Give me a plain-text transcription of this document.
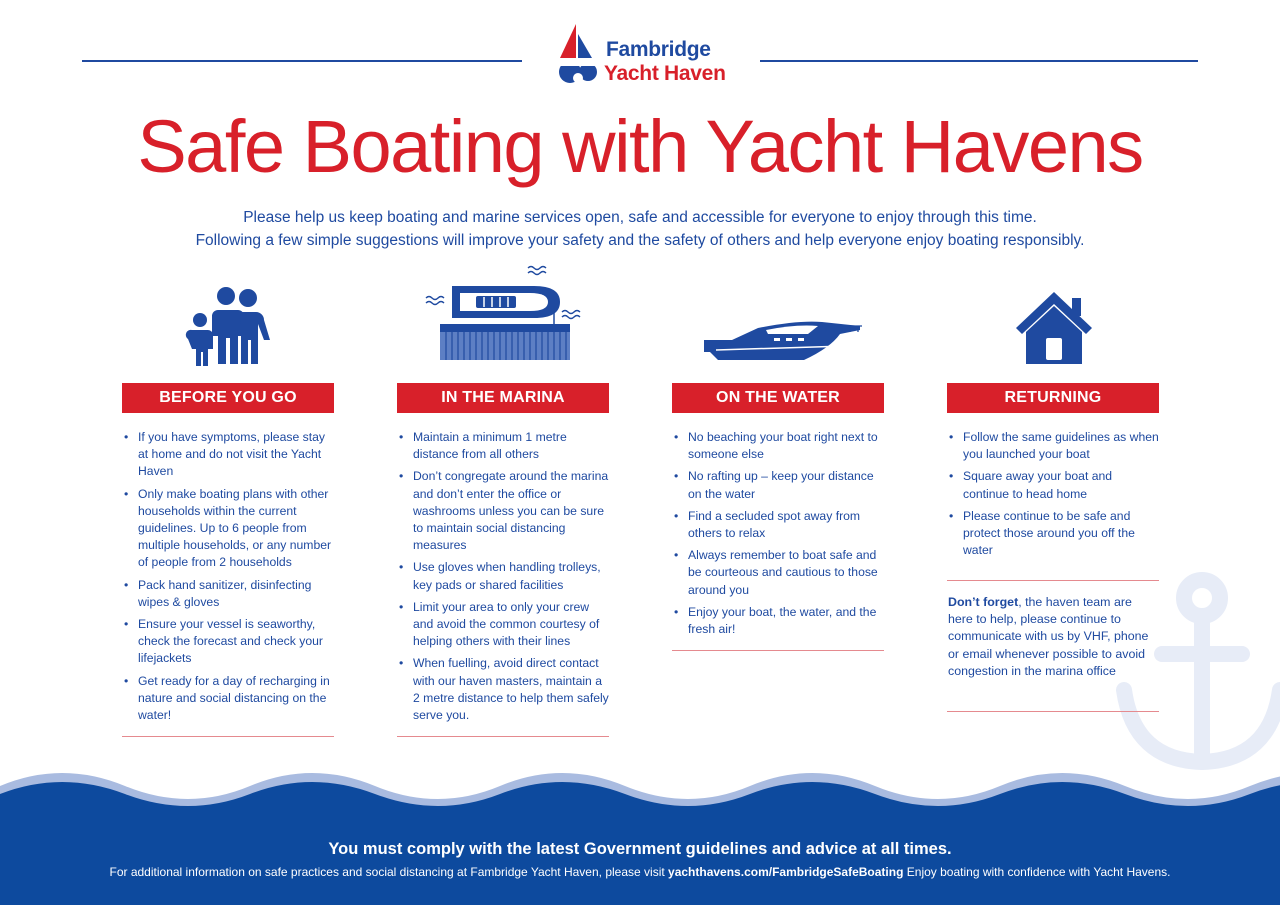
Fambridge
Yacht Haven
Safe Boating with Yacht Havens

Please help us keep boating and marine services open, safe and accessible for everyone to enjoy through this time.

Following a few simple suggestions will improve your safety and the safety of others and help everyone enjoy boating responsibly.

BEFORE YOU GO
• If you have symptoms, please stay at home and do not visit the Yacht Haven
• Only make boating plans with other households within the current guidelines. Up to 6 people from multiple households, or any number of people from 2 households
• Pack hand sanitizer, disinfecting wipes & gloves
• Ensure your vessel is seaworthy, check the forecast and check your lifejackets
• Get ready for a day of recharging in nature and social distancing on the water!
IN THE MARINA
• Maintain a minimum 1 metre distance from all others
• Don’t congregate around the marina and don’t enter the office or washrooms unless you can be sure to maintain social distancing measures
• Use gloves when handling trolleys, key pads or shared facilities
• Limit your area to only your crew and avoid the common courtesy of helping others with their lines
• When fuelling, avoid direct contact with our haven masters, maintain a 2 metre distance to help them safely serve you.
ON THE WATER
• No beaching your boat right next to someone else
• No rafting up – keep your distance on the water
• Find a secluded spot away from others to relax
• Always remember to boat safe and be courteous and cautious to those around you
• Enjoy your boat, the water, and the fresh air!
RETURNING
• Follow the same guidelines as when you launched your boat
• Square away your boat and continue to head home
• Please continue to be safe and protect those around you off the water
Don’t forget, the haven team are here to help, please continue to communicate with us by VHF, phone or email whenever possible to avoid congestion in the marina office
You must comply with the latest Government guidelines and advice at all times.
For additional information on safe practices and social distancing at Fambridge Yacht Haven, please visit yachthavens.com/FambridgeSafeBoating Enjoy boating with confidence with Yacht Havens.
